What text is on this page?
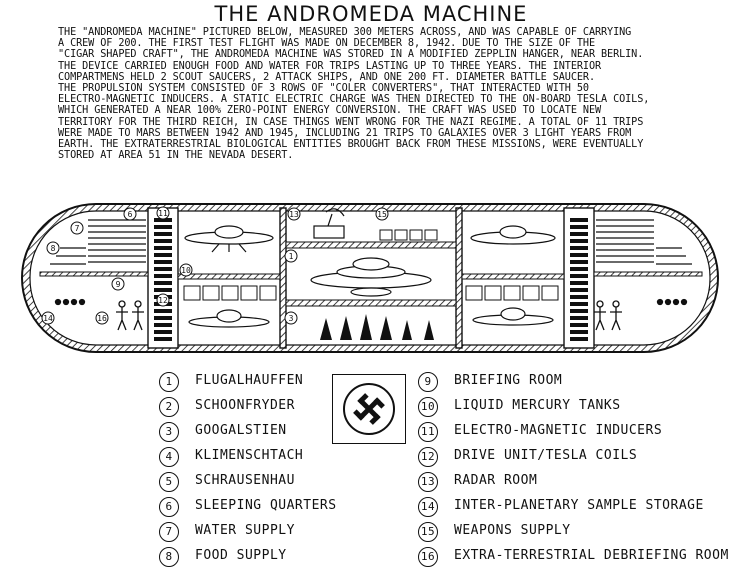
THE ANDROMEDA MACHINE
THE "ANDROMEDA MACHINE" PICTURED BELOW, MEASURED 300 METERS ACROSS, AND WAS CAPABLE OF CARRYING
A CREW OF 200. THE FIRST TEST FLIGHT WAS MADE ON DECEMBER 8, 1942. DUE TO THE SIZE OF THE
"CIGAR SHAPED CRAFT", THE ANDROMEDA MACHINE WAS STORED IN A MODIFIED ZEPPLIN HANGER, NEAR BERLIN.
THE DEVICE CARRIED ENOUGH FOOD AND WATER FOR TRIPS LASTING UP TO THREE YEARS. THE INTERIOR
COMPARTMENS HELD 2 SCOUT SAUCERS, 2 ATTACK SHIPS, AND ONE 200 FT. DIAMETER BATTLE SAUCER.
THE PROPULSION SYSTEM CONSISTED OF 3 ROWS OF "COLER CONVERTERS", THAT INTERACTED WITH 50
ELECTRO-MAGNETIC INDUCERS. A STATIC ELECTRIC CHARGE WAS THEN DIRECTED TO THE ON-BOARD TESLA COILS,
WHICH GENERATED A NEAR 100% ZERO-POINT ENERGY CONVERSION. THE CRAFT WAS USED TO LOCATE NEW
TERRITORY FOR THE THIRD REICH, IN CASE THINGS WENT WRONG FOR THE NAZI REGIME. A TOTAL OF 11 TRIPS
WERE MADE TO MARS BETWEEN 1942 AND 1945, INCLUDING 21 TRIPS TO GALAXIES OVER 3 LIGHT YEARS FROM
EARTH. THE EXTRATERRESTRIAL BIOLOGICAL ENTITIES BROUGHT BACK FROM THESE MISSIONS, WERE EVENTUALLY
STORED AT AREA 51 IN THE NEVADA DESERT.
1
3
6
7
8
9
10
11
12
13
14
15
16
1	FLUGALHAUFFEN
2	SCHOONFRYDER
3	GOOGALSTIEN
4	KLIMENSCHTACH
5	SCHRAUSENHAU
6	SLEEPING QUARTERS
7	WATER SUPPLY
8	FOOD SUPPLY
9	BRIEFING ROOM
10 LIQUID MERCURY TANKS
11 ELECTRO-MAGNETIC INDUCERS
12 DRIVE UNIT/TESLA COILS
13 RADAR ROOM
14 INTER-PLANETARY SAMPLE STORAGE
15 WEAPONS SUPPLY
16 EXTRA-TERRESTRIAL DEBRIEFING ROOM
